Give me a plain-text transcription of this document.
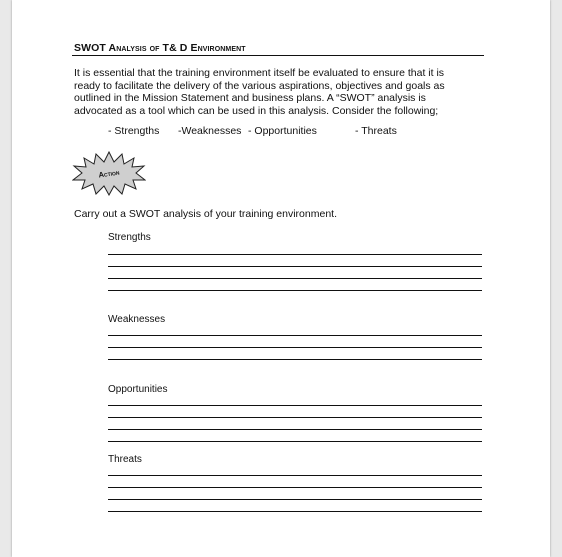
SWOT Analysis of T& D Environment
It is essential that the training environment itself be evaluated to ensure that it is
ready to facilitate the delivery of the various aspirations, objectives and goals as
outlined in the Mission Statement and business plans. A “SWOT” analysis is
advocated as a tool which can be used in this analysis. Consider the following;
- Strengths -Weaknesses - Opportunities	- Threats
Action
Carry out a SWOT analysis of your training environment.
Strengths
Weaknesses
Opportunities
Threats
